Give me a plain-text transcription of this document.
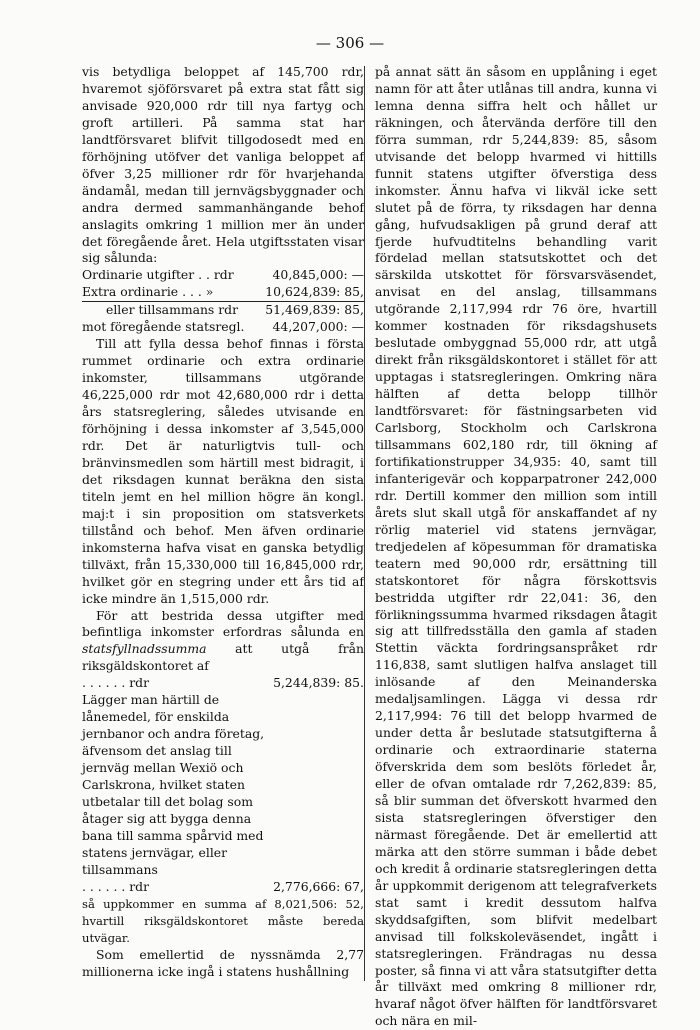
— 306 —

vis betydliga beloppet af 145,700 rdr, hvaremot sjöförsvaret på extra stat fått sig anvisade 920,000 rdr till nya fartyg och groft artilleri. På samma stat har landtförsvaret blifvit tillgodosedt med en förhöjning utöfver det vanliga beloppet af öfver 3,25 millioner rdr för hvarjehanda ändamål, medan till jernvägsbyggnader och andra dermed sammanhängande behof anslagits omkring 1 million mer än under det föregående året. Hela utgiftsstaten visar sig sålunda:

Ordinarie utgifter . . rdr	40,845,000: —
Extra ordinarie . . . »	10,624,839: 85,
eller tillsammans rdr 51,469,839: 85,
mot föregående statsregl. 44,207,000: —

Till att fylla dessa behof finnas i första rummet ordinarie och extra ordinarie inkomster, tillsammans utgörande 46,225,000 rdr mot 42,680,000 rdr i detta års statsreglering, således utvisande en förhöjning i dessa inkomster af 3,545,000 rdr. Det är naturligtvis tull- och bränvinsmedlen som härtill mest bidragit, i det riksdagen kunnat beräkna den sista titeln jemt en hel million högre än kongl. maj:t i sin proposition om statsverkets tillstånd och behof. Men äfven ordinarie inkomsterna hafva visat en ganska betydlig tillväxt, från 15,330,000 till 16,845,000 rdr, hvilket gör en stegring under ett års tid af icke mindre än 1,515,000 rdr.

För att bestrida dessa utgifter med befintliga inkomster erfordras sålunda en statsfyllnadssumma att utgå från riksgäldskontoret af

. . . . . . rdr	5,244,839: 85.

Lägger man härtill de lånemedel, för enskilda jernbanor och andra företag, äfvensom det anslag till jernväg mellan Wexiö och Carlskrona, hvilket staten utbetalar till det bolag som åtager sig att bygga denna bana till samma spårvid med statens jernvägar, eller tillsammans

. . . . . . rdr	2,776,666: 67,

så uppkommer en summa af 8,021,506: 52, hvartill riksgäldskontoret måste bereda utvägar.

Som emellertid de nyssnämda 2,77 millionerna icke ingå i statens hushållning

på annat sätt än såsom en upplåning i eget namn för att åter utlånas till andra, kunna vi lemna denna siffra helt och hållet ur räkningen, och återvända derföre till den förra summan, rdr 5,244,839: 85, såsom utvisande det belopp hvarmed vi hittills funnit statens utgifter öfverstiga dess inkomster. Ännu hafva vi likväl icke sett slutet på de förra, ty riksdagen har denna gång, hufvudsakligen på grund deraf att fjerde hufvudtitelns behandling varit fördelad mellan statsutskottet och det särskilda utskottet för försvarsväsendet, anvisat en del anslag, tillsammans utgörande 2,117,994 rdr 76 öre, hvartill kommer kostnaden för riksdagshusets beslutade ombyggnad 55,000 rdr, att utgå direkt från riksgäldskontoret i stället för att upptagas i statsregleringen. Omkring nära hälften af detta belopp tillhör landtförsvaret: för fästningsarbeten vid Carlsborg, Stockholm och Carlskrona tillsammans 602,180 rdr, till ökning af fortifikationstrupper 34,935: 40, samt till infanterigevär och kopparpatroner 242,000 rdr. Dertill kommer den million som intill årets slut skall utgå för anskaffandet af ny rörlig materiel vid statens jernvägar, tredjedelen af köpesumman för dramatiska teatern med 90,000 rdr, ersättning till statskontoret för några förskottsvis bestridda utgifter rdr 22,041: 36, den förlikningssumma hvarmed riksdagen åtagit sig att tillfredsställa den gamla af staden Stettin väckta fordringsanspråket rdr 116,838, samt slutligen halfva anslaget till inlösande af den Meinanderska medaljsamlingen. Lägga vi dessa rdr 2,117,994: 76 till det belopp hvarmed de under detta år beslutade statsutgifterna å ordinarie och extraordinarie staterna öfverskrida dem som beslöts förledet år, eller de ofvan omtalade rdr 7,262,839: 85, så blir summan det öfverskott hvarmed den sista statsregleringen öfverstiger den närmast föregående. Det är emellertid att märka att den större summan i både debet och kredit å ordinarie statsregleringen detta år uppkommit derigenom att telegrafverkets stat samt i kredit dessutom halfva skyddsafgiften, som blifvit medelbart anvisad till folkskoleväsendet, ingått i statsregleringen. Frändragas nu dessa poster, så finna vi att våra statsutgifter detta år tillväxt med omkring 8 millioner rdr, hvaraf något öfver hälften för landtförsvaret och nära en mil-
